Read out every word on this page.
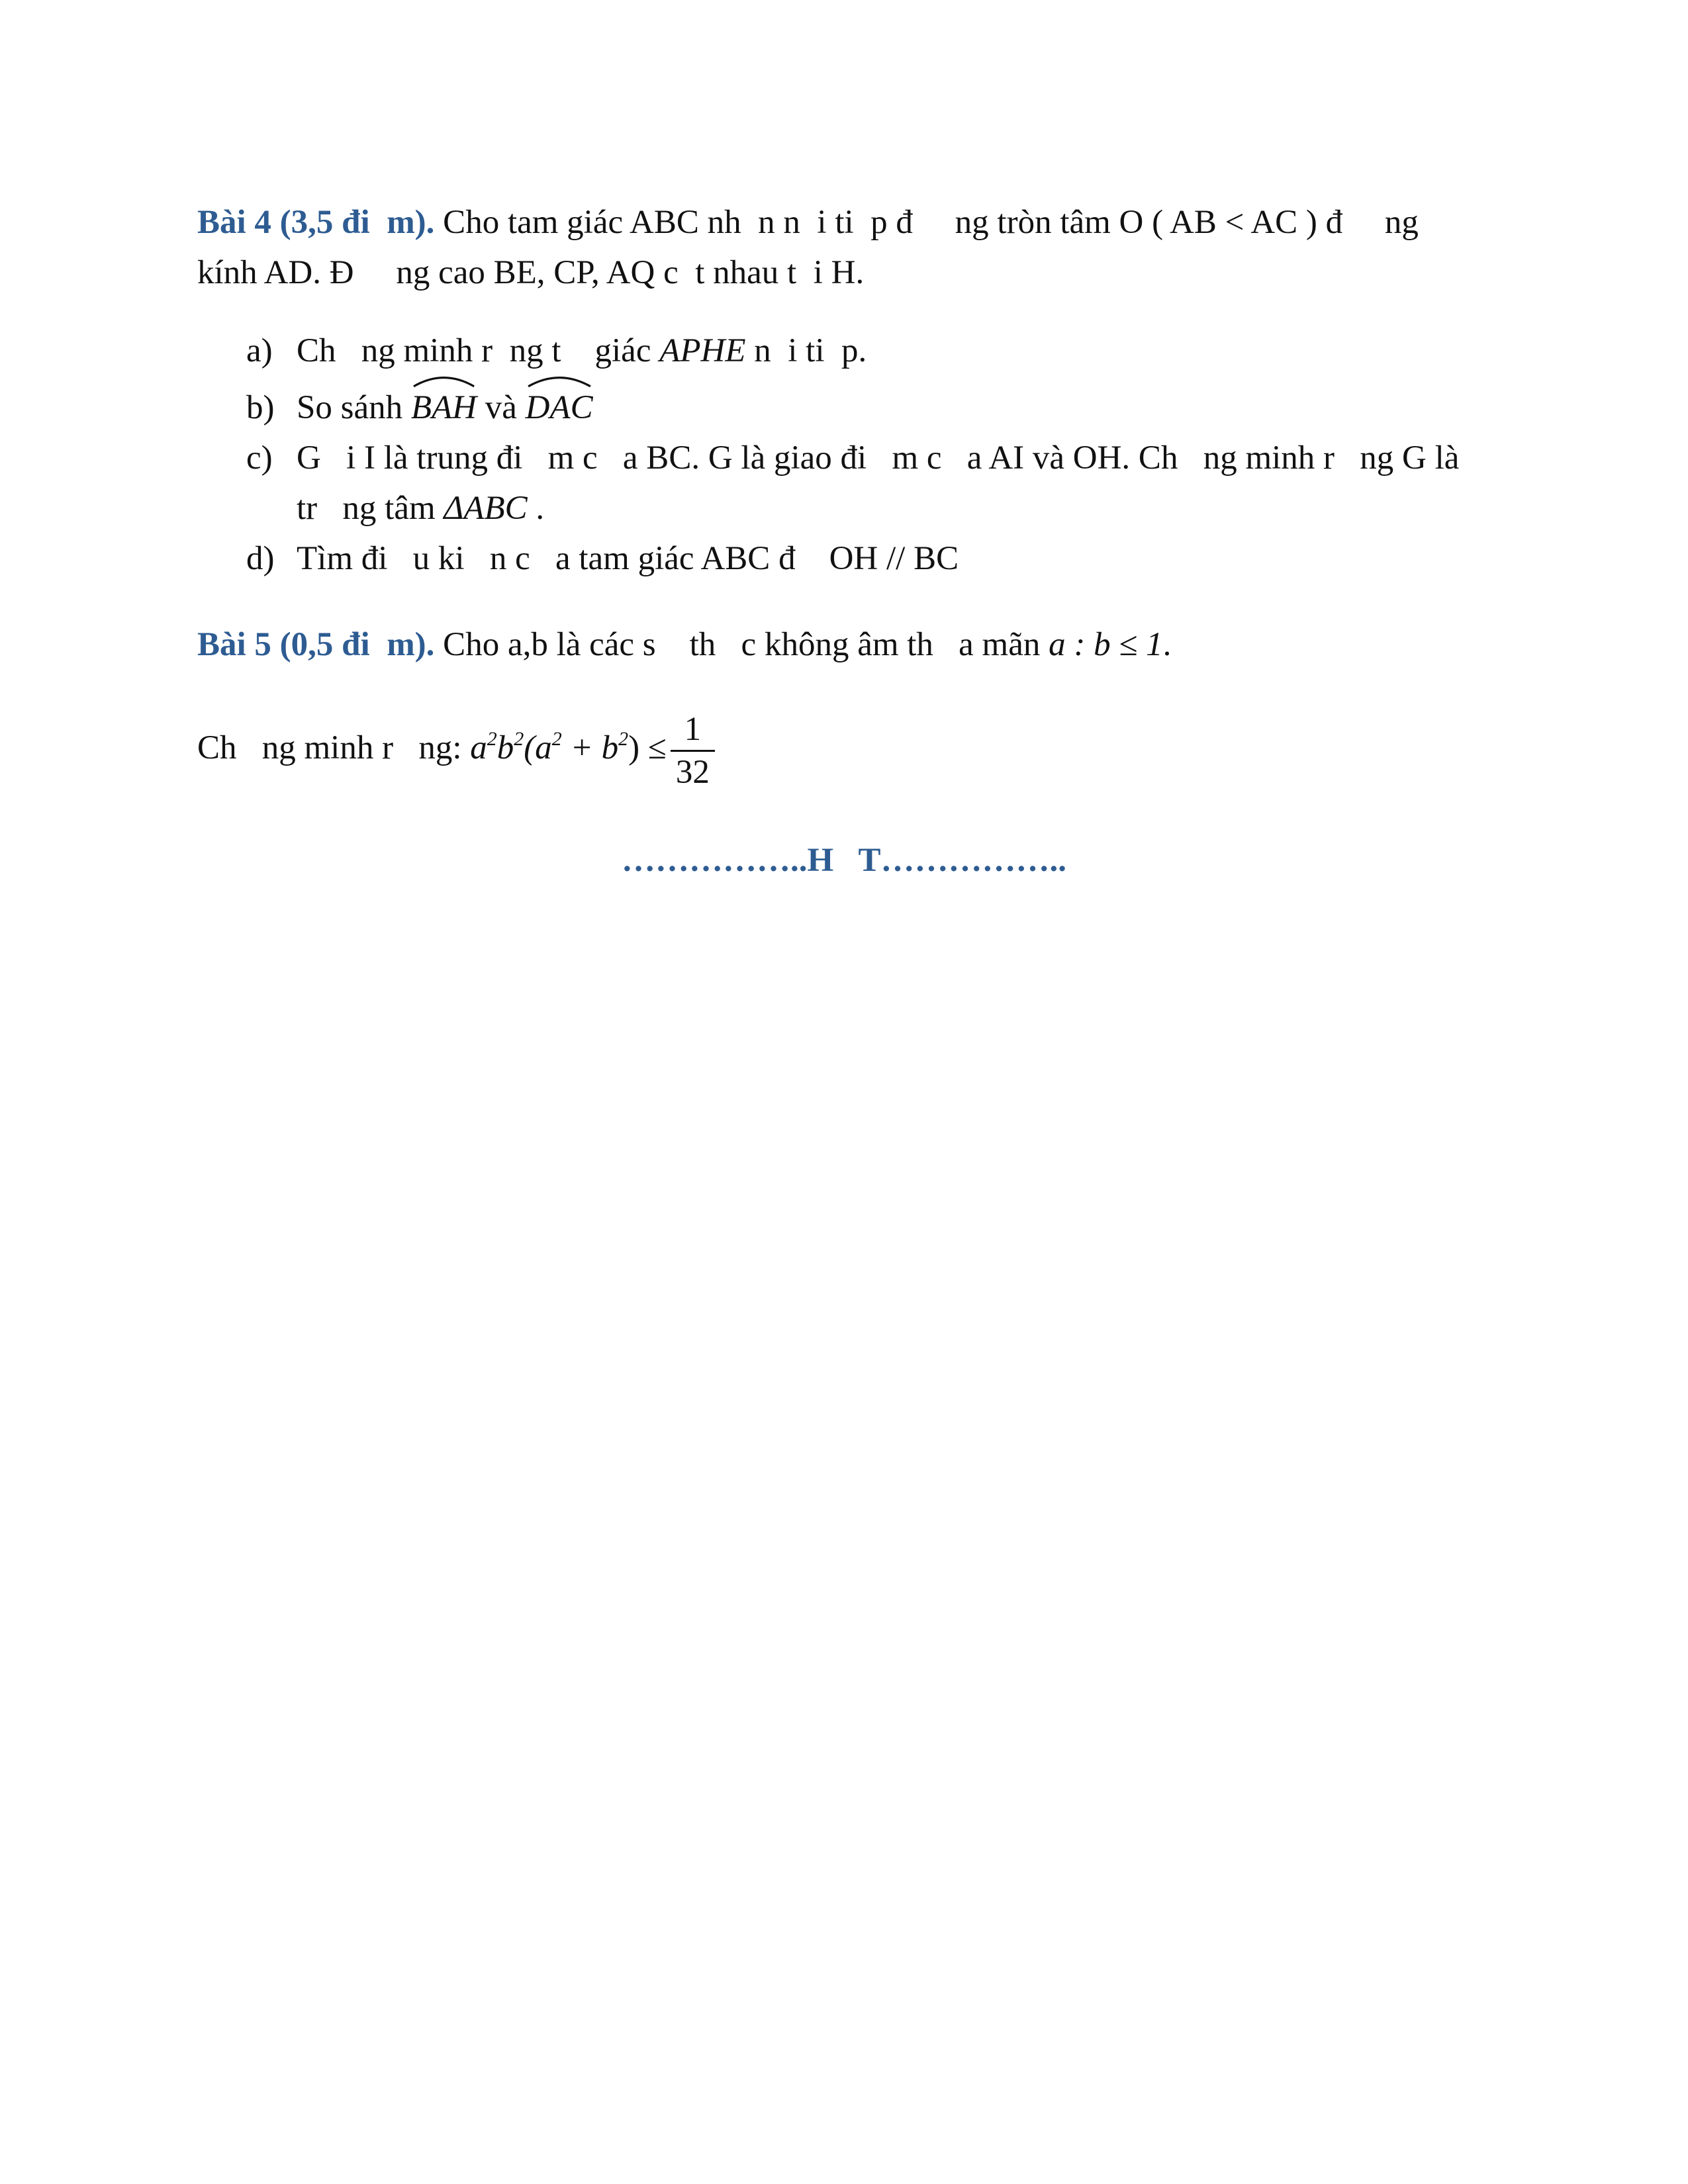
Bài 4 (3,5 đi  m). Cho tam giác ABC nh  n n  i ti  p đ     ng tròn tâm O ( AB < AC ) đ     ng
kính AD. Đ     ng cao BE, CP, AQ c  t nhau t  i H.
a) Ch   ng minh r  ng t    giác APHE n  i ti  p.
b) So sánh
BAH và
DAC
c) G   i I là trung đi   m c   a BC. G là giao đi   m c   a AI và OH. Ch   ng minh r   ng G là
tr   ng tâm ΔABC .
d) Tìm đi   u ki   n c   a tam giác ABC đ    OH // BC
Bài 5 (0,5 đi  m). Cho a,b là các s    th   c không âm th   a mãn a : b ≤ 1.
Ch   ng minh r   ng: $a^2b^2(a^2 + b^2) \le \frac{1}{32}$
……………..H   T……………..
